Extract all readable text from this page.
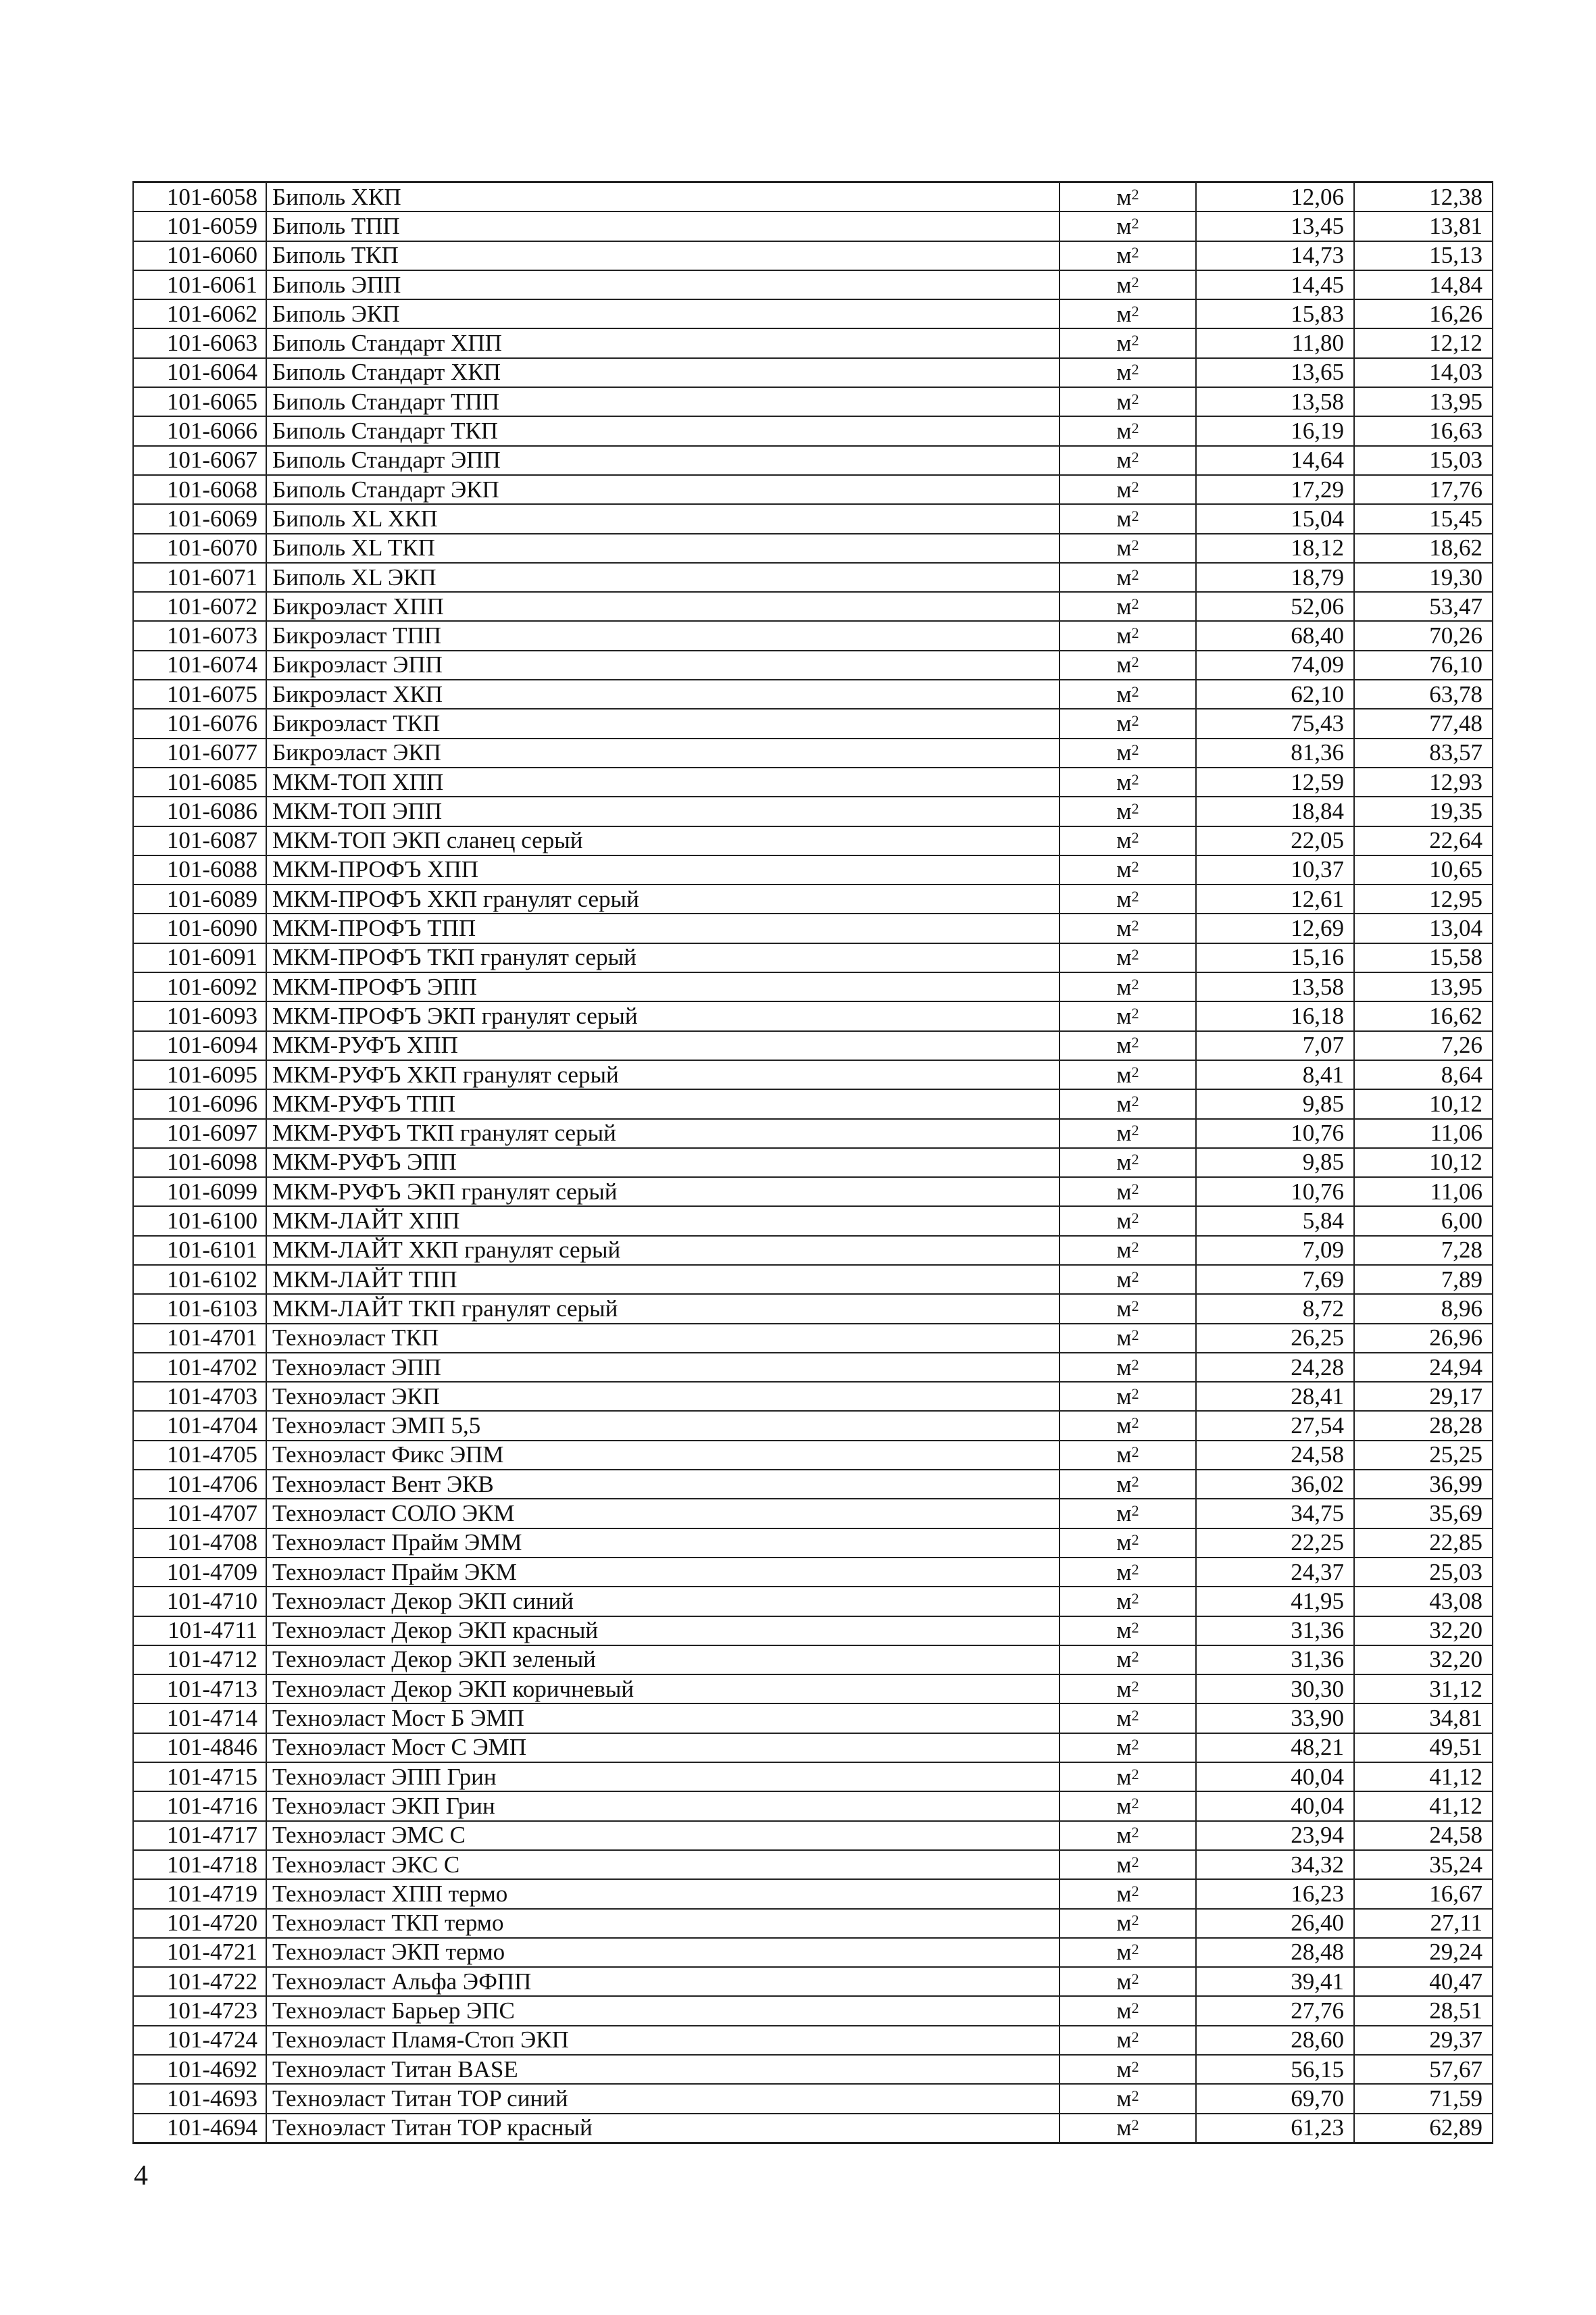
101-6058	Биполь ХКП	$м^2$	12,06	12,38
101-6059	Биполь ТПП	$м^2$	13,45	13,81
101-6060	Биполь ТКП	$м^2$	14,73	15,13
101-6061	Биполь ЭПП	$м^2$	14,45	14,84
101-6062	Биполь ЭКП	$м^2$	15,83	16,26
101-6063	Биполь Стандарт ХПП	$м^2$	11,80	12,12
101-6064	Биполь Стандарт ХКП	$м^2$	13,65	14,03
101-6065	Биполь Стандарт ТПП	$м^2$	13,58	13,95
101-6066	Биполь Стандарт ТКП	$м^2$	16,19	16,63
101-6067	Биполь Стандарт ЭПП	$м^2$	14,64	15,03
101-6068	Биполь Стандарт ЭКП	$м^2$	17,29	17,76
101-6069	Биполь XL ХКП	$м^2$	15,04	15,45
101-6070	Биполь XL ТКП	$м^2$	18,12	18,62
101-6071	Биполь XL ЭКП	$м^2$	18,79	19,30
101-6072	Бикроэласт ХПП	$м^2$	52,06	53,47
101-6073	Бикроэласт ТПП	$м^2$	68,40	70,26
101-6074	Бикроэласт ЭПП	$м^2$	74,09	76,10
101-6075	Бикроэласт ХКП	$м^2$	62,10	63,78
101-6076	Бикроэласт ТКП	$м^2$	75,43	77,48
101-6077	Бикроэласт ЭКП	$м^2$	81,36	83,57
101-6085	МКМ-ТОП ХПП	$м^2$	12,59	12,93
101-6086	МКМ-ТОП ЭПП	$м^2$	18,84	19,35
101-6087	МКМ-ТОП ЭКП сланец серый	$м^2$	22,05	22,64
101-6088	МКМ-ПРОФЪ ХПП	$м^2$	10,37	10,65
101-6089	МКМ-ПРОФЪ ХКП гранулят серый	$м^2$	12,61	12,95
101-6090	МКМ-ПРОФЪ ТПП	$м^2$	12,69	13,04
101-6091	МКМ-ПРОФЪ ТКП гранулят серый	$м^2$	15,16	15,58
101-6092	МКМ-ПРОФЪ ЭПП	$м^2$	13,58	13,95
101-6093	МКМ-ПРОФЪ ЭКП гранулят серый	$м^2$	16,18	16,62
101-6094	МКМ-РУФЪ ХПП	$м^2$	7,07	7,26
101-6095	МКМ-РУФЪ ХКП гранулят серый	$м^2$	8,41	8,64
101-6096	МКМ-РУФЪ ТПП	$м^2$	9,85	10,12
101-6097	МКМ-РУФЪ ТКП гранулят серый	$м^2$	10,76	11,06
101-6098	МКМ-РУФЪ ЭПП	$м^2$	9,85	10,12
101-6099	МКМ-РУФЪ ЭКП гранулят серый	$м^2$	10,76	11,06
101-6100	МКМ-ЛАЙТ ХПП	$м^2$	5,84	6,00
101-6101	МКМ-ЛАЙТ ХКП гранулят серый	$м^2$	7,09	7,28
101-6102	МКМ-ЛАЙТ ТПП	$м^2$	7,69	7,89
101-6103	МКМ-ЛАЙТ ТКП гранулят серый	$м^2$	8,72	8,96
101-4701	Техноэласт ТКП	$м^2$	26,25	26,96
101-4702	Техноэласт ЭПП	$м^2$	24,28	24,94
101-4703	Техноэласт ЭКП	$м^2$	28,41	29,17
101-4704	Техноэласт ЭМП 5,5	$м^2$	27,54	28,28
101-4705	Техноэласт Фикс ЭПМ	$м^2$	24,58	25,25
101-4706	Техноэласт Вент ЭКВ	$м^2$	36,02	36,99
101-4707	Техноэласт СОЛО ЭКМ	$м^2$	34,75	35,69
101-4708	Техноэласт Прайм ЭММ	$м^2$	22,25	22,85
101-4709	Техноэласт Прайм ЭКМ	$м^2$	24,37	25,03
101-4710	Техноэласт Декор ЭКП синий	$м^2$	41,95	43,08
101-4711	Техноэласт Декор ЭКП красный	$м^2$	31,36	32,20
101-4712	Техноэласт Декор ЭКП зеленый	$м^2$	31,36	32,20
101-4713	Техноэласт Декор ЭКП коричневый	$м^2$	30,30	31,12
101-4714	Техноэласт Мост Б ЭМП	$м^2$	33,90	34,81
101-4846	Техноэласт Мост С ЭМП	$м^2$	48,21	49,51
101-4715	Техноэласт ЭПП Грин	$м^2$	40,04	41,12
101-4716	Техноэласт ЭКП Грин	$м^2$	40,04	41,12
101-4717	Техноэласт ЭМС С	$м^2$	23,94	24,58
101-4718	Техноэласт ЭКС С	$м^2$	34,32	35,24
101-4719	Техноэласт ХПП термо	$м^2$	16,23	16,67
101-4720	Техноэласт ТКП термо	$м^2$	26,40	27,11
101-4721	Техноэласт ЭКП термо	$м^2$	28,48	29,24
101-4722	Техноэласт Альфа ЭФПП	$м^2$	39,41	40,47
101-4723	Техноэласт Барьер ЭПС	$м^2$	27,76	28,51
101-4724	Техноэласт Пламя-Стоп ЭКП	$м^2$	28,60	29,37
101-4692	Техноэласт Титан BASE	$м^2$	56,15	57,67
101-4693	Техноэласт Титан TOP синий	$м^2$	69,70	71,59
101-4694	Техноэласт Титан TOP красный	$м^2$	61,23	62,89
4
